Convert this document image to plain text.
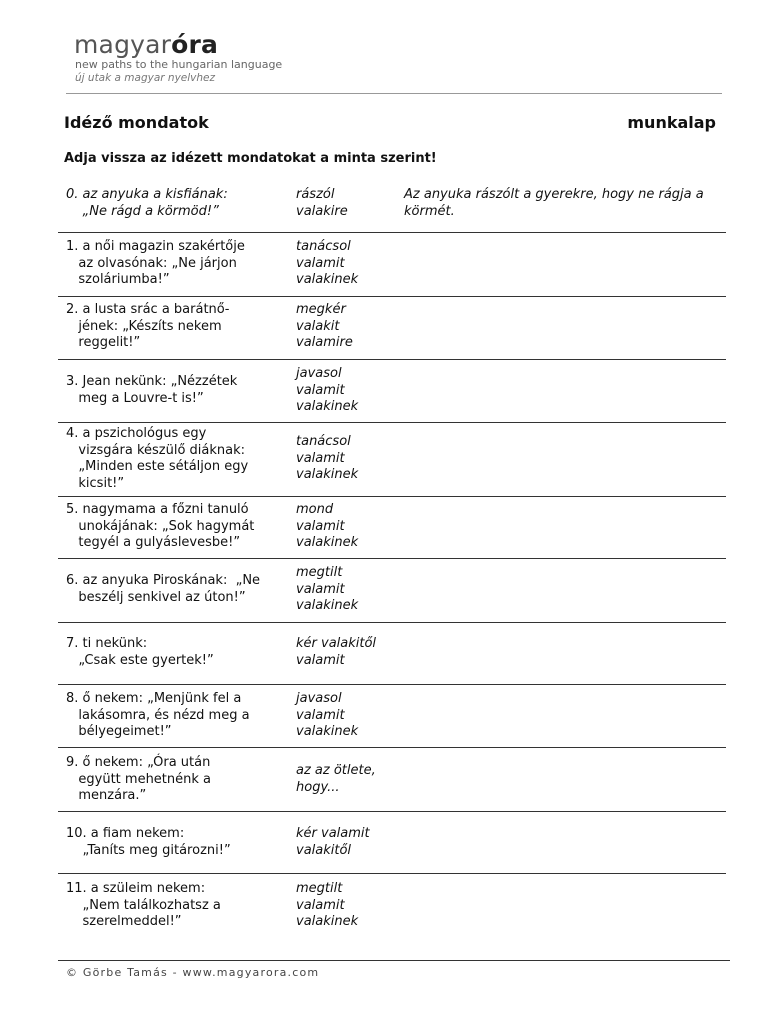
magyaróra
new paths to the hungarian language
új utak a magyar nyelvhez
Idéző mondatok	munkalap
Adja vissza az idézett mondatokat a minta szerint!
0. az anyuka a kisfiának:
„Ne rágd a körmöd!”
rászól
valakire
Az anyuka rászólt a gyerekre, hogy ne rágja a körmét.
1. a női magazin szakértője
az olvasónak: „Ne járjon
szoláriumba!”
tanácsol
valamit
valakinek
2. a lusta srác a barátnő-
jének: „Készíts nekem
reggelit!”
megkér
valakit
valamire
3. Jean nekünk: „Nézzétek
meg a Louvre-t is!”
javasol
valamit
valakinek
4. a pszichológus egy
vizsgára készülő diáknak:
„Minden este sétáljon egy
kicsit!”
tanácsol
valamit
valakinek
5. nagymama a főzni tanuló
unokájának: „Sok hagymát
tegyél a gulyáslevesbe!”
mond
valamit
valakinek
6. az anyuka Piroskának:  „Ne
beszélj senkivel az úton!”
megtilt
valamit
valakinek
7. ti nekünk:
„Csak este gyertek!”
kér valakitől
valamit
8. ő nekem: „Menjünk fel a
lakásomra, és nézd meg a
bélyegeimet!”
javasol
valamit
valakinek
9. ő nekem: „Óra után
együtt mehetnénk a
menzára.”
az az ötlete,
hogy...
10. a fiam nekem:
„Taníts meg gitározni!”
kér valamit
valakitől
11. a szüleim nekem:
„Nem találkozhatsz a
szerelmeddel!”
megtilt
valamit
valakinek
© Görbe Tamás - www.magyarora.com
